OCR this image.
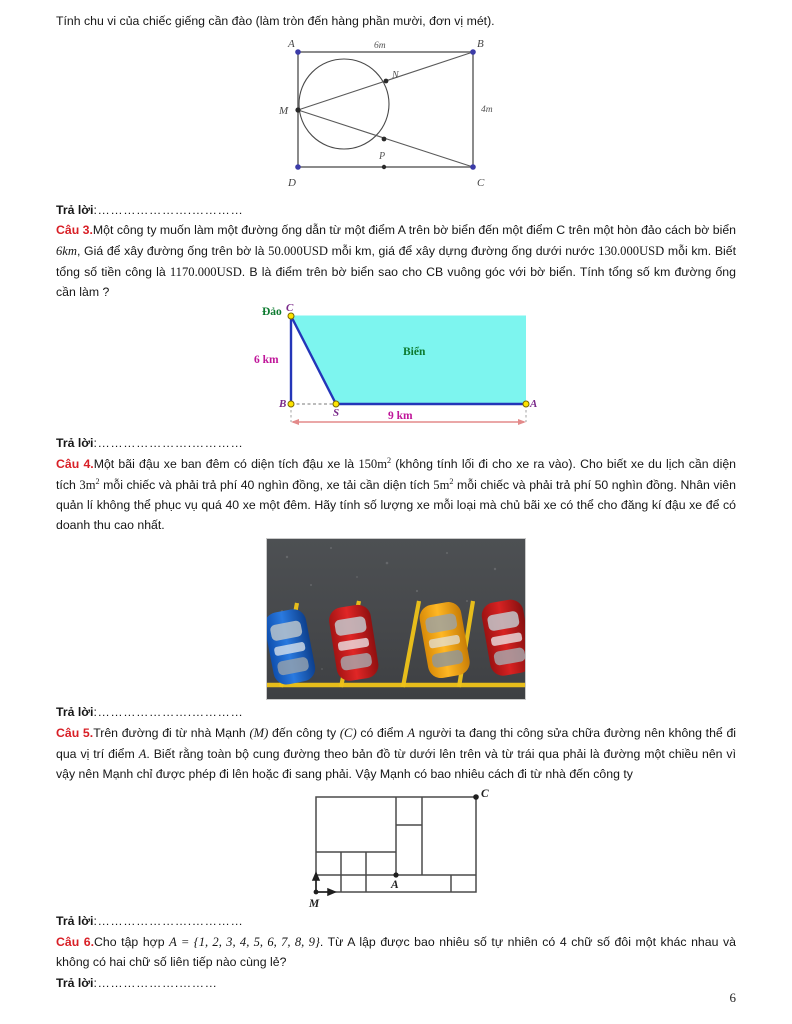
Tính chu vi của chiếc giếng cần đào (làm tròn đến hàng phần mười, đơn vị mét).

A	B
C
D
M
N
P
6m
4m
Trả lời:………………….…………

Câu 3.Một công ty muốn làm một đường ống dẫn từ một điểm A trên bờ biển đến một điểm C trên một hòn đảo cách bờ biển 6km, Giá để xây đường ống trên bờ là 50.000USD mỗi km, giá để xây dựng đường ống dưới nước 130.000USD mỗi km. Biết tổng số tiền công là 1170.000USD. B là điểm trên bờ biển sao cho CB vuông góc với bờ biển. Tính tổng số km đường ống cần làm ?

Đảo C
B
S
A
6 km
9 km
Biển
Trả lời:………………….…………

Câu 4.Một bãi đậu xe ban đêm có diện tích đậu xe là $150m^2$ (không tính lối đi cho xe ra vào). Cho biết xe du lịch cần diện tích $3m^2$ mỗi chiếc và phải trả phí 40 nghìn đồng, xe tải cần diện tích $5m^2$ mỗi chiếc và phải trả phí 50 nghìn đồng. Nhân viên quản lí không thể phục vụ quá 40 xe một đêm. Hãy tính số lượng xe mỗi loại mà chủ bãi xe có thể cho đăng kí đậu xe để có doanh thu cao nhất.

Trả lời:………………….…………

Câu 5.Trên đường đi từ nhà Mạnh (M) đến công ty (C) có điểm A người ta đang thi công sửa chữa đường nên không thể đi qua vị trí điểm A. Biết rằng toàn bộ cung đường theo bản đồ từ dưới lên trên và từ trái qua phải là đường một chiều nên vì vậy nên Mạnh chỉ được phép đi lên hoặc đi sang phải. Vậy Mạnh có bao nhiêu cách đi từ nhà đến công ty

M
A
C
Trả lời:………………….…………

Câu 6.Cho tập hợp A = {1, 2, 3, 4, 5, 6, 7, 8, 9}. Từ A lập được bao nhiêu số tự nhiên có 4 chữ số đôi một khác nhau và không có hai chữ số liên tiếp nào cùng lẻ?

Trả lời:……………….………
6
